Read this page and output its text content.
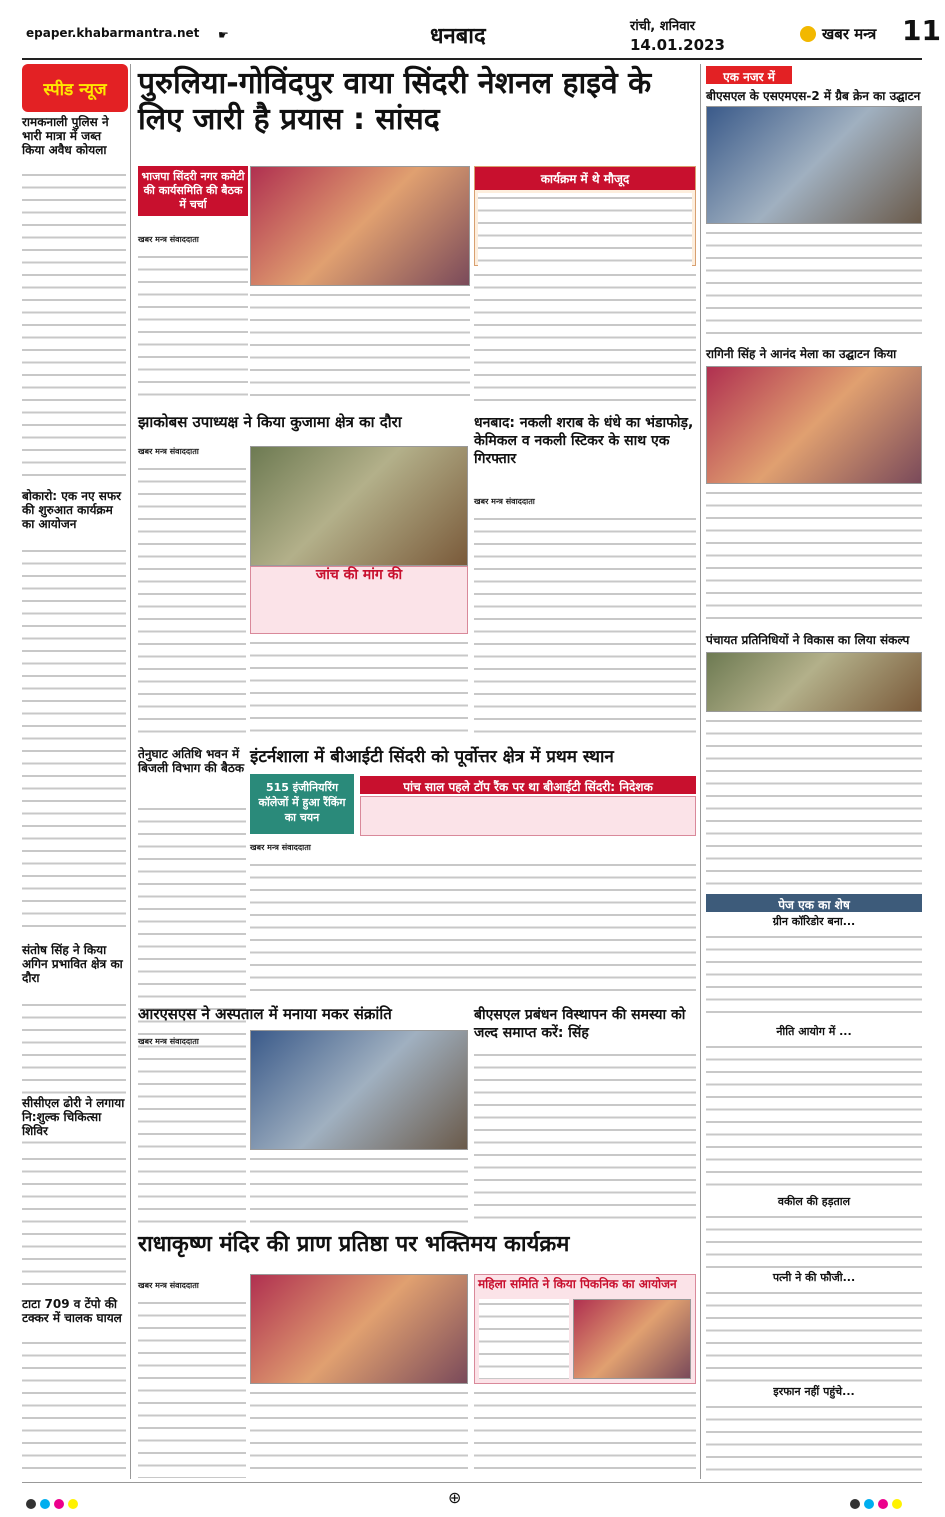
epaper.khabarmantra.net ☛	धनबाद	रांची, शनिवार
14.01.2023
खबर मन्त्र 11
स्पीड न्यूज
रामकनाली पुलिस ने भारी मात्रा में जब्त किया अवैध कोयला
बोकारो: एक नए सफर की शुरुआत कार्यक्रम का आयोजन
संतोष सिंह ने किया अगिन प्रभावित क्षेत्र का दौरा
सीसीएल ढोरी ने लगाया नि:शुल्क चिकित्सा शिविर
टाटा 709 व टेंपो की टक्कर में चालक घायल
पुरुलिया-गोविंदपुर वाया सिंदरी नेशनल हाइवे के लिए जारी है प्रयास : सांसद
भाजपा सिंदरी नगर कमेटी की कार्यसमिति की बैठक में चर्चा
खबर मन्त्र संवाददाता
कार्यक्रम में थे मौजूद
झाकोबस उपाध्यक्ष ने किया कुजामा क्षेत्र का दौरा
खबर मन्त्र संवाददाता
जांच की मांग की
धनबाद: नकली शराब के धंधे का भंडाफोड़, केमिकल व नकली स्टिकर के साथ एक गिरफ्तार
खबर मन्त्र संवाददाता
तेनुघाट अतिथि भवन में बिजली विभाग की बैठक
इंटर्नशाला में बीआईटी सिंदरी को पूर्वोत्तर क्षेत्र में प्रथम स्थान
515 इंजीनियरिंग कॉलेजों में हुआ रैंकिंग का चयन
पांच साल पहले टॉप रैंक पर था बीआईटी सिंदरी: निदेशक
खबर मन्त्र संवाददाता
आरएसएस ने अस्पताल में मनाया मकर संक्रांति
खबर मन्त्र संवाददाता
बीएसएल प्रबंधन विस्थापन की समस्या को जल्द समाप्त करें: सिंह
राधाकृष्ण मंदिर की प्राण प्रतिष्ठा पर भक्तिमय कार्यक्रम
खबर मन्त्र संवाददाता	महिला समिति ने किया पिकनिक का आयोजन
एक नजर में
बीएसएल के एसएमएस-2 में ग्रैब क्रेन का उद्घाटन
रागिनी सिंह ने आनंद मेला का उद्घाटन किया
पंचायत प्रतिनिधियों ने विकास का लिया संकल्प
पेज एक का शेष
ग्रीन कॉरिडोर बना...
नीति आयोग में ...
वकील की हड़ताल
पत्नी ने की फौजी...
इरफान नहीं पहुंचे...
⊕
